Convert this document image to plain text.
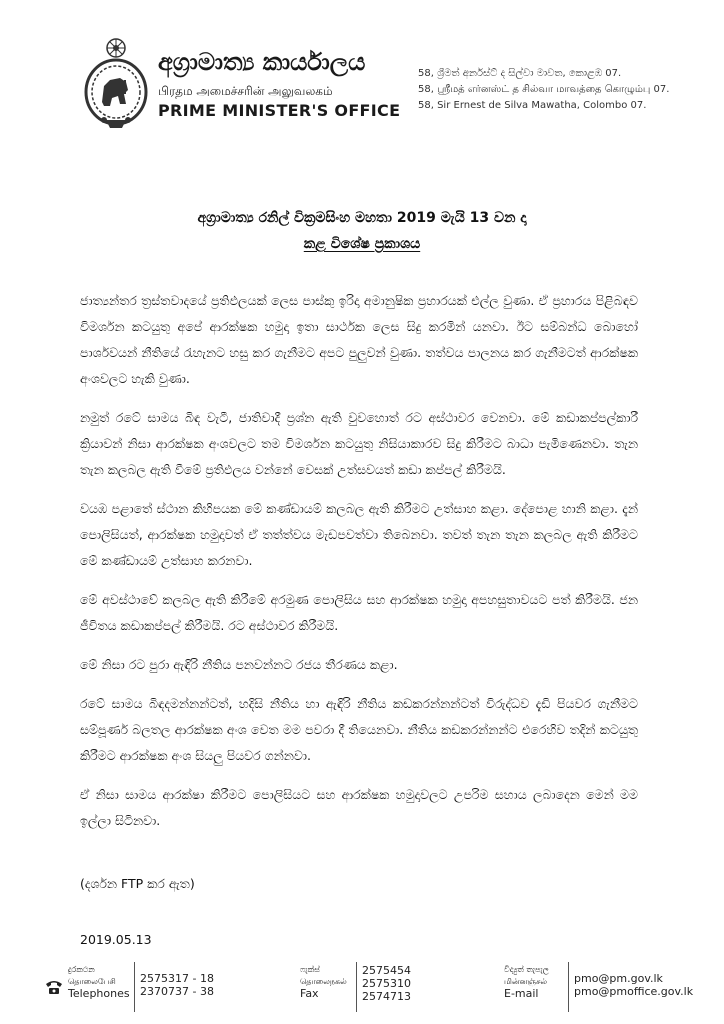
අග්‍රාමාත්‍ය කාර්යාලය
பிரதம அமைச்சரின் அலுவலகம்
PRIME MINISTER'S OFFICE
58, ශ්‍රීමත් අර්නස්ට් ද සිල්වා මාවත, කොළඹ 07.
58, ஸ்ரீமத் எர்னஸ்ட் த சில்வா மாவத்தை கொழும்பு 07.
58, Sir Ernest de Silva Mawatha, Colombo 07.
අග්‍රාමාත්‍ය රනිල් වික්‍රමසිංහ මහතා 2019 මැයි 13 වන දා
කළ විශේෂ ප්‍රකාශය

ජාත්‍යන්තර ත්‍රස්තවාදයේ ප්‍රතිඵලයක් ලෙස පාස්කු ඉරිදා අමානුෂික ප්‍රහාරයක් එල්ල වුණා. ඒ ප්‍රහාරය පිළිබඳව විමර්ශන කටයුතු අපේ ආරක්ෂක හමුදා ඉතා සාර්ථක ලෙස සිදු කරමින් යනවා. ඊට සම්බන්ධ බොහෝ පාර්ශවයන් නීතියේ රැහැනට හසු කර ගැනීමට අපට පුලුවන් වුණා. තත්වය පාලනය කර ගැනීමටත් ආරක්ෂක අංශවලට හැකි වුණා.

නමුත් රටේ සාමය බිඳ වැටී, ජාතිවාදී ප්‍රශ්න ඇති වුවහොත් රට අස්ථාවර වෙනවා. මේ කඩාකප්පල්කාරී ක්‍රියාවන් නිසා ආරක්ෂක අංශවලට තම විමර්ශන කටයුතු නිසියාකාරව සිදු කිරීමට බාධා පැමිණෙනවා. තැන තැන කලබල ඇති වීමේ ප්‍රතිඵලය වන්නේ වෙසක් උත්සවයත් කඩා කප්පල් කිරීමයි.

වයඹ පළාතේ ස්ථාන කිහිපයක මේ කණ්ඩායම් කලබල ඇති කිරීමට උත්සාහ කළා. දේපොළ හානි කළා. දැන් පොලිසියත්, ආරක්ෂක හමුදාවත් ඒ තත්ත්වය මැඩපවත්වා තිබෙනවා. තවත් තැන තැන කලබල ඇති කිරීමට මේ කණ්ඩායම් උත්සාහ කරනවා.

මේ අවස්ථාවේ කලබල ඇති කිරීමේ අරමුණ පොලිසිය සහ ආරක්ෂක හමුදා අපහසුතාවයට පත් කිරීමයි. ජන ජීවිතය කඩාකප්පල් කිරීමයි. රට අස්ථාවර කිරීමයි.

මේ නිසා රට පුරා ඇඳිරි නීතිය පනවන්නට රජය තීරණය කළා.

රටේ සාමය බිඳදමන්නන්ටත්, හදිසි නීතිය හා ඇඳිරි නීතිය කඩකරන්නන්ටත් විරුද්ධව දැඩි පියවර ගැනීමට සම්පූර්ණ බලතල ආරක්ෂක අංශ වෙත මම පවරා දී තියෙනවා. නීතිය කඩකරන්නන්ට එරෙහිව තදින් කටයුතු කිරීමට ආරක්ෂක අංශ සියලු පියවර ගන්නවා.

ඒ නිසා සාමය ආරක්ෂා කිරීමට පොලිසියට සහ ආරක්ෂක හමුදාවලට උපරිම සහාය ලබාදෙන මෙන් මම ඉල්ලා සිටිනවා.

(දර්ශන FTP කර ඇත)
2019.05.13
දුරකථන
தொலைபேசி
Telephones
2575317 - 18
2370737 - 38
ෆැක්ස්
தொலைநகல்
Fax
2575454
2575310
2574713
විද්‍යුත් තැපැල
மின்னஞ்சல்
E-mail
pmo@pm.gov.lk
pmo@pmoffice.gov.lk
